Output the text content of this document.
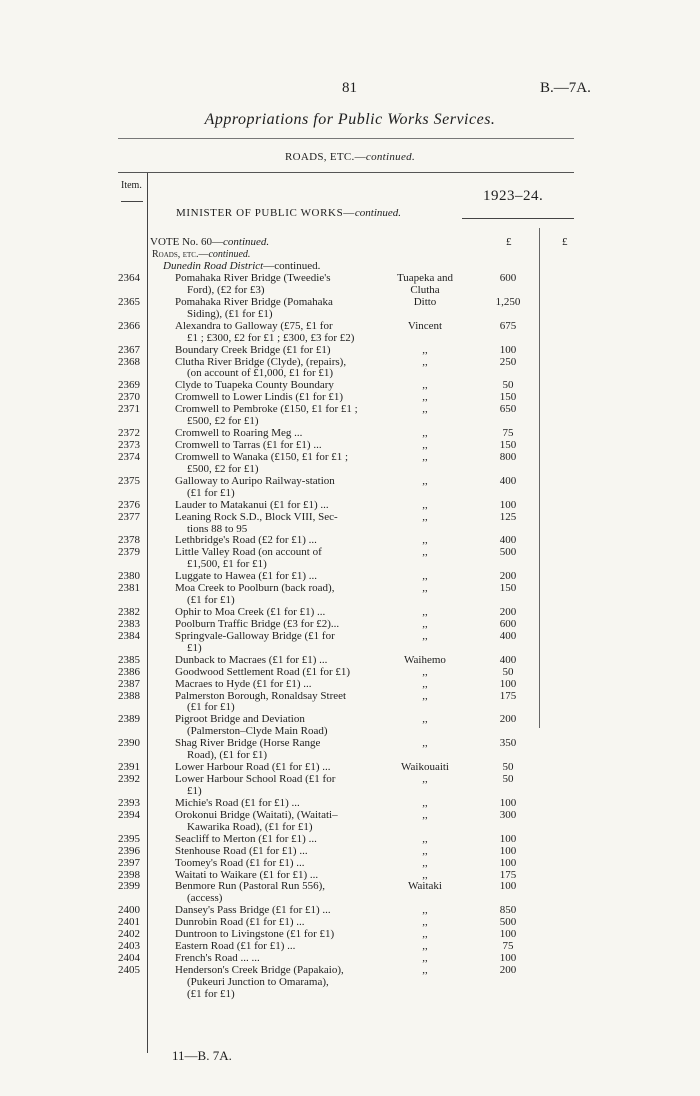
81	B.—7A.
Appropriations for Public Works Services.
ROADS, ETC.—continued.
Item.
1923–24.
MINISTER OF PUBLIC WORKS—continued.
VOTE No. 60—continued.	£	£
Roads, etc.—continued.
Dunedin Road District—continued.
2364	Pomahaka River Bridge (Tweedie's	Tuapeka and	600
Ford), (£2 for £3)	Clutha
2365	Pomahaka River Bridge (Pomahaka	Ditto	1,250
Siding), (£1 for £1)
2366	Alexandra to Galloway (£75, £1 for	Vincent	675
£1 ; £300, £2 for £1 ; £300, £3 for £2)
2367	Boundary Creek Bridge (£1 for £1)	,,	100
2368	Clutha River Bridge (Clyde), (repairs),	,,	250
(on account of £1,000, £1 for £1)
2369	Clyde to Tuapeka County Boundary	,,	50
2370	Cromwell to Lower Lindis (£1 for £1)	,,	150
2371	Cromwell to Pembroke (£150, £1 for £1 ;	,,	650
£500, £2 for £1)
2372	Cromwell to Roaring Meg ...	,,	75
2373	Cromwell to Tarras (£1 for £1) ...	,,	150
2374	Cromwell to Wanaka (£150, £1 for £1 ;	,,	800
£500, £2 for £1)
2375	Galloway to Auripo Railway-station	,,	400
(£1 for £1)
2376	Lauder to Matakanui (£1 for £1) ...	,,	100
2377	Leaning Rock S.D., Block VIII, Sec-	,,	125
tions 88 to 95
2378	Lethbridge's Road (£2 for £1) ...	,,	400
2379	Little Valley Road (on account of	,,	500
£1,500, £1 for £1)
2380	Luggate to Hawea (£1 for £1) ...	,,	200
2381	Moa Creek to Poolburn (back road),	,,	150
(£1 for £1)
2382	Ophir to Moa Creek (£1 for £1) ...	,,	200
2383	Poolburn Traffic Bridge (£3 for £2)...	,,	600
2384	Springvale-Galloway Bridge (£1 for	,,	400
£1)
2385	Dunback to Macraes (£1 for £1) ...	Waihemo	400
2386	Goodwood Settlement Road (£1 for £1)	,,	50
2387	Macraes to Hyde (£1 for £1) ...	,,	100
2388	Palmerston Borough, Ronaldsay Street	,,	175
(£1 for £1)
2389	Pigroot Bridge and Deviation	,,	200
(Palmerston–Clyde Main Road)
2390	Shag River Bridge (Horse Range	,,	350
Road), (£1 for £1)
2391	Lower Harbour Road (£1 for £1) ...	Waikouaiti	50
2392	Lower Harbour School Road (£1 for	,,	50
£1)
2393	Michie's Road (£1 for £1) ...	,,	100
2394	Orokonui Bridge (Waitati), (Waitati–	,,	300
Kawarika Road), (£1 for £1)
2395	Seacliff to Merton (£1 for £1) ...	,,	100
2396	Stenhouse Road (£1 for £1) ...	,,	100
2397	Toomey's Road (£1 for £1) ...	,,	100
2398	Waitati to Waikare (£1 for £1) ...	,,	175
2399	Benmore Run (Pastoral Run 556),	Waitaki	100
(access)
2400	Dansey's Pass Bridge (£1 for £1) ...	,,	850
2401	Dunrobin Road (£1 for £1) ...	,,	500
2402	Duntroon to Livingstone (£1 for £1)	,,	100
2403	Eastern Road (£1 for £1) ...	,,	75
2404	French's Road ... ...	,,	100
2405	Henderson's Creek Bridge (Papakaio),	,,	200
(Pukeuri Junction to Omarama),
(£1 for £1)
11—B. 7A.
